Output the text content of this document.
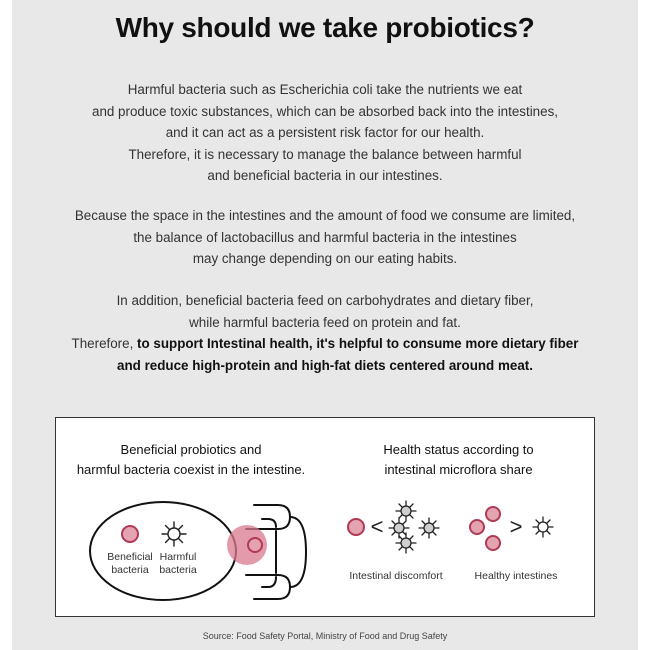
Why should we take probiotics?
Harmful bacteria such as Escherichia coli take the nutrients we eat
and produce toxic substances, which can be absorbed back into the intestines,
and it can act as a persistent risk factor for our health.
Therefore, it is necessary to manage the balance between harmful
and beneficial bacteria in our intestines.
Because the space in the intestines and the amount of food we consume are limited,
the balance of lactobacillus and harmful bacteria in the intestines
may change depending on our eating habits.
In addition, beneficial bacteria feed on carbohydrates and dietary fiber,
while harmful bacteria feed on protein and fat.
Therefore, to support Intestinal health, it's helpful to consume more dietary fiber
and reduce high-protein and high-fat diets centered around meat.
Source: Food Safety Portal, Ministry of Food and Drug Safety
Beneficial probiotics and
harmful bacteria coexist in the intestine.
Health status according to
intestinal microflora share
<	>
Beneficial
bacteria
Harmful
bacteria	Intestinal discomfort	Healthy intestines
